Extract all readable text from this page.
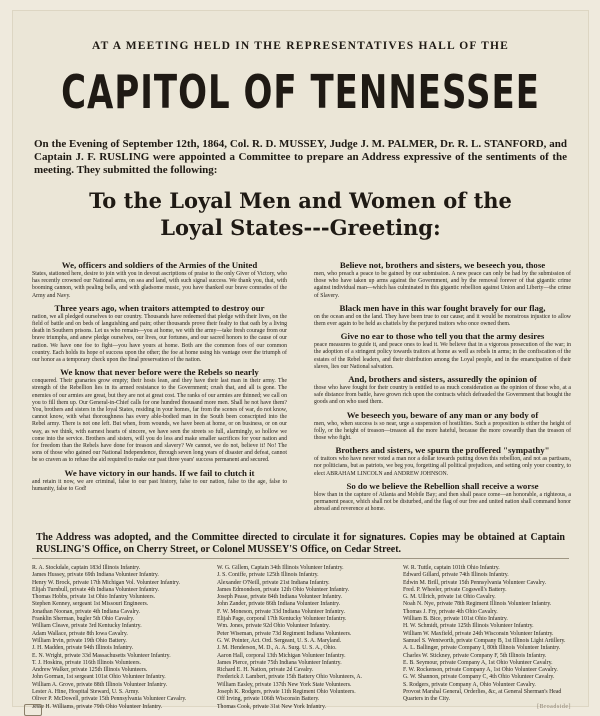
AT A MEETING HELD IN THE REPRESENTATIVES HALL OF THE
CAPITOL OF TENNESSEE
On the Evening of September 12th, 1864, Col. R. D. MUSSEY, Judge J. M. PALMER, Dr. R. L. STANFORD, and Captain J. F. RUSLING were appointed a Committee to prepare an Address expressive of the sentiments of the meeting. They submitted the following:
To the Loyal Men and Women of the
Loyal States---Greeting:
We, officers and soldiers of the Armies of the United
States, stationed here, desire to join with you in devout ascriptions of praise to the only Giver of Victory, who has recently crowned our National arms, on sea and land, with such signal success. We thank you, that, with booming cannon, with pealing bells, and with gladsome music, you have thanked our brave comrades of the Army and Navy.
Three years ago, when traitors attempted to destroy our
nation, we all pledged ourselves to our country. Thousands have redeemed that pledge with their lives, on the field of battle and on beds of languishing and pain; other thousands prove their fealty to that oath by a living death in Southern prisons. Let us who remain—you at home, we with the army—take fresh courage from our brave triumphs, and anew pledge ourselves, our lives, our fortunes, and our sacred honors to the cause of our nation. We have one foe to fight—you have yours at home. Both are the common foes of our common country. Each holds its hope of success upon the other; the foe at home using his vantage over the triumph of our honor as a temporary check upon the final preservation of the nation.
We know that never before were the Rebels so nearly
conquered. Their granaries grow empty; their hosts lean, and they have their last man in their army. The strength of the Rebellion lies in its armed resistance to the Government; crush that, and all is gone. The enemies of our armies are great, but they are not at great cost. The ranks of our armies are thinned; we call on you to fill them up. Our General-in-Chief calls for one hundred thousand more men. Shall he not have them? You, brothers and sisters in the loyal States, residing in your homes, far from the scenes of war, do not know, cannot know, with what thoroughness has every able-bodied man in the South been conscripted into the Rebel army. There is not one left. But when, from wounds, we have been at home, or on business, or on our way, as we think, with earnest hearts of sincere, we have seen the streets so full, alarmingly, so hollow we come into the service. Brothers and sisters, will you do less and make smaller sacrifices for your nation and for freedom than the Rebels have done for treason and slavery? We cannot, we do not, believe it! No! The sons of those who gained our National Independence, through seven long years of disaster and defeat, cannot be so craven as to refuse the aid required to make our past three years' success permanent and secured.
We have victory in our hands. If we fail to clutch it
and retain it now, we are criminal, false to our past history, false to our nation, false to the age, false to humanity, false to God!
Believe not, brothers and sisters, we beseech you, those
men, who preach a peace to be gained by our submission. A new peace can only be had by the submission of those who have taken up arms against the Government, and by the removal forever of that gigantic crime against individual man—which has culminated in this gigantic rebellion against Union and Liberty—the crime of Slavery.
Black men have in this war fought bravely for our flag,
on the ocean and on the land. They have been true to our cause; and it would be monstrous injustice to allow them ever again to be held as chattels by the perjured traitors who once owned them.
Give no ear to those who tell you that the army desires
peace measures to guide it, and peace ones to lead it. We believe that in a vigorous prosecution of the war; in the adoption of a stringent policy towards traitors at home as well as rebels in arms; in the confiscation of the estates of the Rebel leaders, and their distribution among the Loyal people, and in the emancipation of their slaves, lies our National salvation.
And, brothers and sisters, assuredly the opinion of
those who have fought for their country is entitled to as much consideration as the opinion of those who, at a safe distance from battle, have grown rich upon the contracts which defrauded the Government that bought the goods and on who used them.
We beseech you, beware of any man or any body of
men, who, when success is so near, urge a suspension of hostilities. Such a proposition is either the height of folly, or the height of treason—treason all the more hateful, because the more cowardly than the treason of those who fight.
Brothers and sisters, we spurn the proffered "sympathy"
of traitors who have never voted a man nor a dollar towards putting down this rebellion, and not as partisans, nor politicians, but as patriots, we beg you, forgetting all political prejudices, and setting only your country, to elect ABRAHAM LINCOLN and ANDREW JOHNSON.
So do we believe the Rebellion shall receive a worse
blow than in the capture of Atlanta and Mobile Bay; and then shall peace come—an honorable, a righteous, a permanent peace, which shall not be disturbed, and the flag of our free and united nation shall command honor abroad and reverence at home.
The Address was adopted, and the Committee directed to circulate it for signatures. Copies may be obtained at Captain RUSLING'S Office, on Cherry Street, or Colonel MUSSEY'S Office, on Cedar Street.
R. A. Stockdale, captain 183d Illinois Infantry.
James Hussey, private 69th Indiana Volunteer Infantry.
Henry W. Brock, private 17th Michigan Vol. Volunteer Infantry.
Elijah Turnbull, private 4th Indiana Volunteer Infantry.
Thomas Hobbs, private 1st Ohio Infantry Volunteers.
Stephen Kenney, sergeant 1st Missouri Engineers.
Jonathan Noonan, private 4th Indiana Cavalry.
Franklin Sherman, bugler 5th Ohio Cavalry.
William Cleave, private 3rd Kentucky Infantry.
Adam Wallace, private 8th Iowa Cavalry.
William Irvin, private 19th Ohio Battery.
J. H. Madden, private 94th Illinois Infantry.
E. N. Wright, private 33d Massachusetts Volunteer Infantry.
T. J. Hoskins, private 116th Illinois Volunteers.
Andrew Walker, private 125th Illinois Volunteers.
John Gorman, 1st sergeant 101st Ohio Volunteer Infantry.
William A. Grove, private 88th Illinois Volunteer Infantry.
Lester A. Hine, Hospital Steward, U. S. Army.
Oliver P. McDowell, private 15th Pennsylvania Volunteer Cavalry.
Jesse H. Williams, private 79th Ohio Volunteer Infantry.
W. G. Gillem, Captain 34th Illinois Volunteer Infantry.
J. S. Coniffe, private 125th Illinois Infantry.
Alexander O'Neill, private 21st Indiana Infantry.
James Edmondson, private 12th Ohio Volunteer Infantry.
Joseph Pease, private 84th Indiana Volunteer Infantry.
John Zander, private 86th Indiana Volunteer Infantry.
F. W. Moneson, private 33d Indiana Volunteer Infantry.
Elijah Page, corporal 17th Kentucky Volunteer Infantry.
Wm. Jones, private 92d Ohio Volunteer Infantry.
Peter Wiseman, private 73d Regiment Indiana Volunteers.
G. W. Pointer, Act. Ord. Sergeant, U. S. A. Maryland.
J. M. Henderson, M. D., A. A. Surg. U. S. A., Ohio.
Aaron Hall, corporal 13th Michigan Volunteer Infantry.
James Pierce, private 75th Indiana Volunteer Infantry.
Richard E. H. Nation, private 2d Cavalry.
Frederick J. Lambert, private 15th Battery Ohio Volunteers, A.
William Easley, private 137th New York State Volunteers.
Joseph K. Rodgers, private 11th Regiment Ohio Volunteers.
Off Irving, private 106th Wisconsin Battery.
Thomas Cook, private 31st New York Infantry.
W. R. Tuttle, captain 101th Ohio Infantry.
Edward Gillard, private 74th Illinois Infantry.
Edwin M. Brill, private 15th Pennsylvania Volunteer Cavalry.
Fred. P. Wheeler, private Cogswell's Battery.
G. M. Ullrich, private 1st Ohio Cavalry.
Noah N. Nye, private 78th Regiment Illinois Volunteer Infantry.
Thomas J. Fry, private 4th Ohio Cavalry.
William B. Bice, private 101st Ohio Infantry.
H. W. Schmidt, private 125th Illinois Volunteer Infantry.
William W. Maxfield, private 24th Wisconsin Volunteer Infantry.
Samuel S. Wentworth, private Company B, 1st Illinois Light Artillery.
A. L. Ballinger, private Company I, 80th Illinois Volunteer Infantry.
Charles W. Stickney, private Company F, 5th Illinois Infantry.
E. B. Seymour, private Company A, 1st Ohio Volunteer Cavalry.
F. W. Rockenson, private Company A, 1st Ohio Volunteer Cavalry.
G. W. Shannon, private Company C, 4th Ohio Volunteer Cavalry.
S. Rodgers, private Company A, Ohio Volunteer Cavalry.
Provost Marshal General, Orderlies, &c, at General Sherman's Head
Quarters in the City.
[Broadside]
